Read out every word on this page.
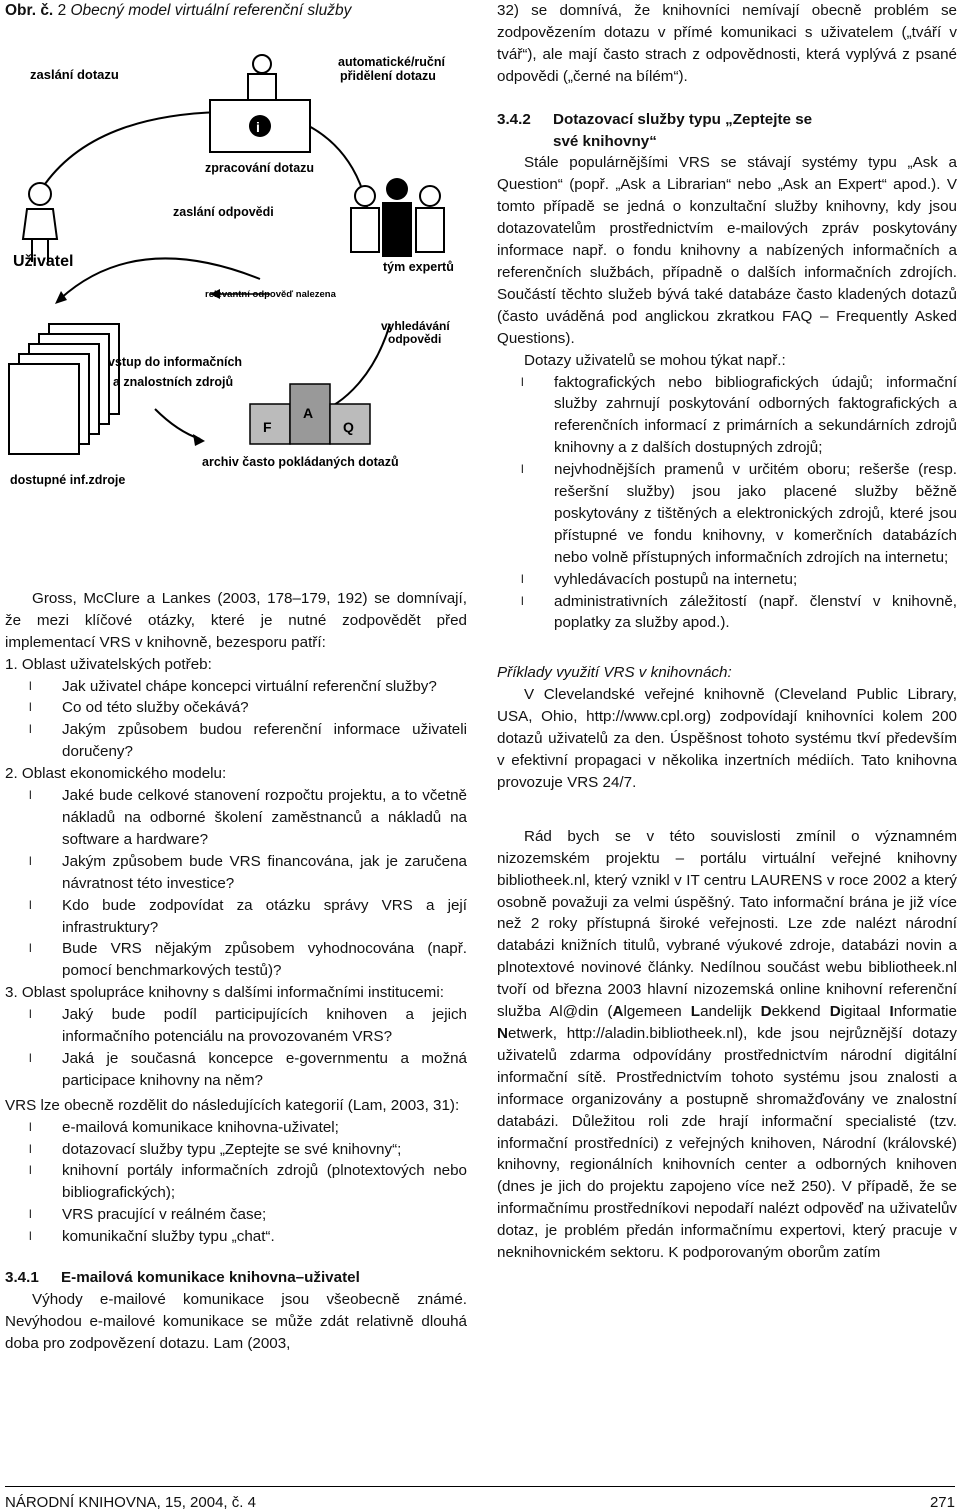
Obr. č. 2 Obecný model virtuální referenční služby

i
F
A
Q
zaslání dotazu
automatické/ruční
přidělení dotazu
zpracování dotazu
zaslání odpovědi
Uživatel	tým expertů
relevantní odpověď nalezena
vyhledávání
odpovědi
vstup do informačních
a znalostních zdrojů
archiv často pokládaných dotazů
dostupné inf.zdroje

Gross, McClure a Lankes (2003, 178–179, 192) se domnívají, že mezi klíčové otázky, které je nutné zodpovědět před implementací VRS v knihovně, bezesporu patří:

1. Oblast uživatelských potřeb:

l Jak uživatel chápe koncepci virtuální referenční služby?
l Co od této služby očekává?
l Jakým způsobem budou referenční informace uživateli doručeny?

2. Oblast ekonomického modelu:

l Jaké bude celkové stanovení rozpočtu projektu, a to včetně nákladů na odborné školení zaměstnanců a nákladů na software a hardware?
l Jakým způsobem bude VRS financována, jak je zaručena návratnost této investice?
l Kdo bude zodpovídat za otázku správy VRS a její infrastruktury?
l Bude VRS nějakým způsobem vyhodnocována (např. pomocí benchmarkových testů)?

3. Oblast spolupráce knihovny s dalšími informačními institucemi:

l Jaký bude podíl participujících knihoven a jejich informačního potenciálu na provozovaném VRS?
l Jaká je současná koncepce e-governmentu a možná participace knihovny na něm?

VRS lze obecně rozdělit do následujících kategorií (Lam, 2003, 31):

l e-mailová komunikace knihovna-uživatel;
l dotazovací služby typu „Zeptejte se své knihovny“;
l knihovní portály informačních zdrojů (plnotextových nebo bibliografických);
l VRS pracující v reálném čase;
l komunikační služby typu „chat“.
3.4.1	E-mailová komunikace knihovna–uživatel

Výhody e-mailové komunikace jsou všeobecně známé. Nevýhodou e-mailové komunikace se může zdát relativně dlouhá doba pro zodpovězení dotazu. Lam (2003,

32) se domnívá, že knihovníci nemívají obecně problém se zodpovězením dotazu v přímé komunikaci s uživatelem („tváří v tvář“), ale mají často strach z odpovědnosti, která vyplývá z psané odpovědi („černé na bílém“).

3.4.2	Dotazovací služby typu „Zeptejte se
své knihovny“

Stále populárnějšími VRS se stávají systémy typu „Ask a Question“ (popř. „Ask a Librarian“ nebo „Ask an Expert“ apod.). V tomto případě se jedná o konzultační služby knihovny, kdy jsou dotazovatelům prostřednictvím e-mailových zpráv poskytovány informace např. o fondu knihovny a nabízených informačních a referenčních službách, případně o dalších informačních zdrojích. Součástí těchto služeb bývá také databáze často kladených dotazů (často uváděná pod anglickou zkratkou FAQ – Frequently Asked Questions).

Dotazy uživatelů se mohou týkat např.:

l faktografických nebo bibliografických údajů; informační služby zahrnují poskytování odborných faktografických a referenčních informací z primárních a sekundárních zdrojů knihovny a z dalších dostupných zdrojů;
l nejvhodnějších pramenů v určitém oboru; rešerše (resp. rešeršní služby) jsou jako placené služby běžně poskytovány z tištěných a elektronických zdrojů, které jsou přístupné ve fondu knihovny, v komerčních databázích nebo volně přístupných informačních zdrojích na internetu;
l vyhledávacích postupů na internetu;
l administrativních záležitostí (např. členství v knihovně, poplatky za služby apod.).

Příklady využití VRS v knihovnách:

V Clevelandské veřejné knihovně (Cleveland Public Library, USA, Ohio, http://www.cpl.org) zodpovídají knihovníci kolem 200 dotazů uživatelů za den. Úspěšnost tohoto systému tkví především v efektivní propagaci v několika inzertních médiích. Tato knihovna provozuje VRS 24/7.

Rád bych se v této souvislosti zmínil o významném nizozemském projektu – portálu virtuální veřejné knihovny bibliotheek.nl, který vznikl v IT centru LAURENS v roce 2002 a který osobně považuji za velmi úspěšný. Tato informační brána je již více než 2 roky přístupná široké veřejnosti. Lze zde nalézt národní databázi knižních titulů, vybrané výukové zdroje, databázi novin a plnotextové novinové články. Nedílnou součást webu bibliotheek.nl tvoří od března 2003 hlavní nizozemská online knihovní referenční služba Al@din (Algemeen Landelijk Dekkend Digitaal Informatie Netwerk, http://aladin.bibliotheek.nl), kde jsou nejrůznější dotazy uživatelů zdarma odpovídány prostřednictvím národní digitální informační sítě. Prostřednictvím tohoto systému jsou znalosti a informace organizovány a postupně shromažďovány ve znalostní databázi. Důležitou roli zde hrají informační specialisté (tzv. informační prostředníci) z veřejných knihoven, Národní (královské) knihovny, regionálních knihovních center a odborných knihoven (dnes je jich do projektu zapojeno více než 250). V případě, že se informačnímu prostředníkovi nepodaří nalézt odpověď na uživatelův dotaz, je problém předán informačnímu expertovi, který pracuje v neknihovnickém sektoru. K podporovaným oborům zatím

NÁRODNÍ KNIHOVNA, 15, 2004, č. 4	271
